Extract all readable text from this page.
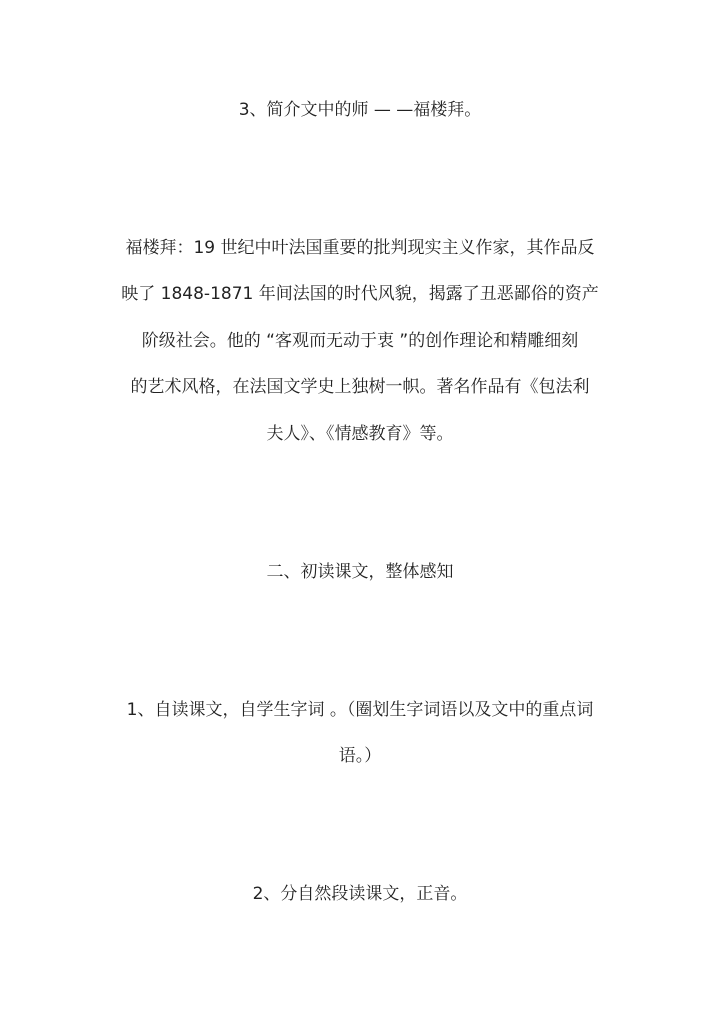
3、简介文中的师 — —福楼拜。
福楼拜：19 世纪中叶法国重要的批判现实主义作家，其作品反
映了 1848-1871 年间法国的时代风貌，揭露了丑恶鄙俗的资产
阶级社会。他的 “客观而无动于衷 ”的创作理论和精雕细刻
的艺术风格，在法国文学史上独树一帜。著名作品有《包法利
夫人》、《情感教育》等。
二、初读课文，整体感知
1、自读课文，自学生字词 。（圈划生字词语以及文中的重点词
语。）
2、分自然段读课文，正音。
